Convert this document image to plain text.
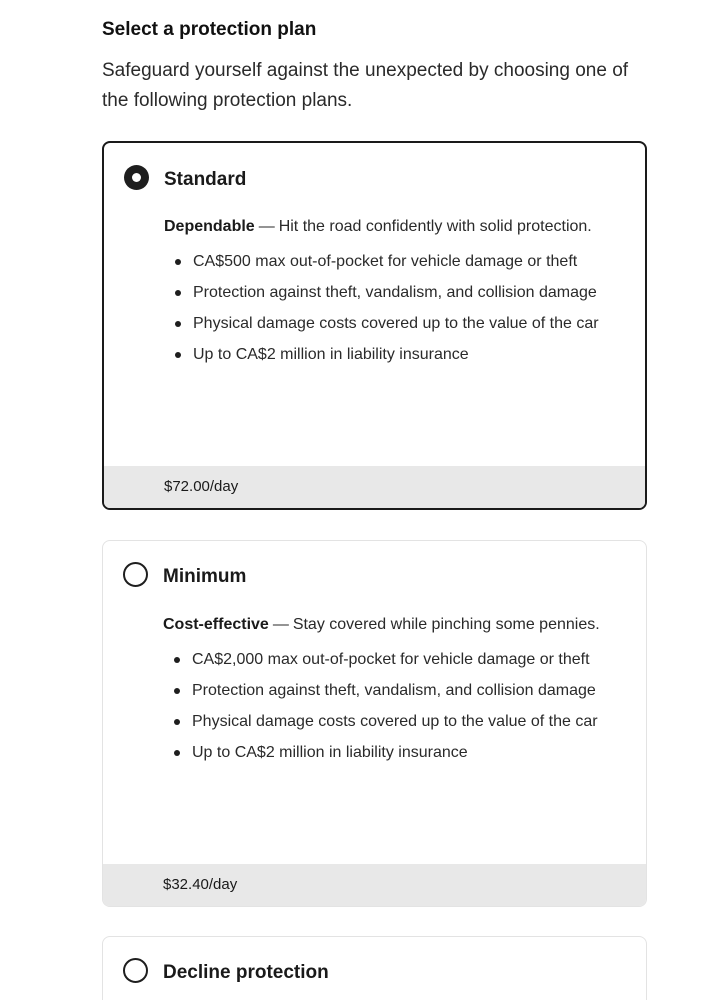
Select a protection plan

Safeguard yourself against the unexpected by choosing one of the following protection plans.

Standard

Dependable — Hit the road confidently with solid protection.

CA$500 max out-of-pocket for vehicle damage or theft
Protection against theft, vandalism, and collision damage
Physical damage costs covered up to the value of the car
Up to CA$2 million in liability insurance
$72.00/day
Minimum

Cost-effective — Stay covered while pinching some pennies.

CA$2,000 max out-of-pocket for vehicle damage or theft
Protection against theft, vandalism, and collision damage
Physical damage costs covered up to the value of the car
Up to CA$2 million in liability insurance
$32.40/day
Decline protection
